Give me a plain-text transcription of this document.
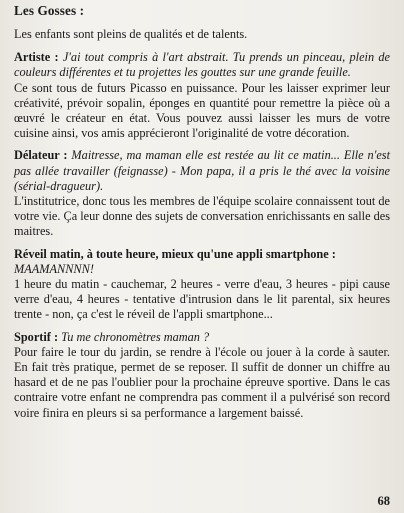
Les Gosses :
Les enfants sont pleins de qualités et de talents.
Artiste : J'ai tout compris à l'art abstrait. Tu prends un pinceau, plein de couleurs différentes et tu projettes les gouttes sur une grande feuille.

Ce sont tous de futurs Picasso en puissance. Pour les laisser exprimer leur créativité, prévoir sopalin, éponges en quantité pour remettre la pièce où a œuvré le créateur en état. Vous pouvez aussi laisser les murs de votre cuisine ainsi, vos amis apprécieront l'originalité de votre décoration.

Délateur : Maitresse, ma maman elle est restée au lit ce matin... Elle n'est pas allée travailler (feignasse) - Mon papa, il a pris le thé avec la voisine (sérial-dragueur).

L'institutrice, donc tous les membres de l'équipe scolaire connaissent tout de votre vie. Ça leur donne des sujets de conversation enrichissants en salle des maitres.

Réveil matin, à toute heure, mieux qu'une appli smartphone :
MAAMANNNN!

1 heure du matin - cauchemar, 2 heures - verre d'eau, 3 heures - pipi cause verre d'eau, 4 heures - tentative d'intrusion dans le lit parental, six heures trente - non, ça c'est le réveil de l'appli smartphone...

Sportif : Tu me chronomètres maman ?

Pour faire le tour du jardin, se rendre à l'école ou jouer à la corde à sauter. En fait très pratique, permet de se reposer. Il suffit de donner un chiffre au hasard et de ne pas l'oublier pour la prochaine épreuve sportive. Dans le cas contraire votre enfant ne comprendra pas comment il a pulvérisé son record voire finira en pleurs si sa performance a largement baissé.

68
